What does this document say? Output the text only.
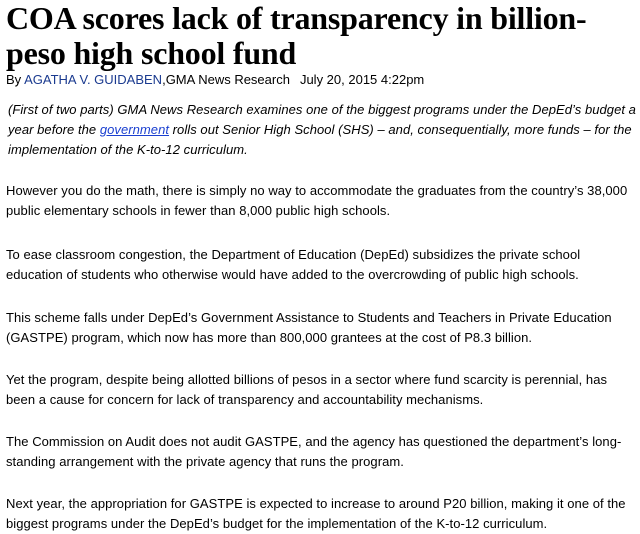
COA scores lack of transparency in billion-peso high school fund
By AGATHA V. GUIDABEN,GMA News Research July 20, 2015 4:22pm

(First of two parts) GMA News Research examines one of the biggest programs under the DepEd’s budget a year before the government rolls out Senior High School (SHS) – and, consequentially, more funds – for the implementation of the K-to-12 curriculum.

However you do the math, there is simply no way to accommodate the graduates from the country’s 38,000 public elementary schools in fewer than 8,000 public high schools.

To ease classroom congestion, the Department of Education (DepEd) subsidizes the private school education of students who otherwise would have added to the overcrowding of public high schools.

This scheme falls under DepEd’s Government Assistance to Students and Teachers in Private Education (GASTPE) program, which now has more than 800,000 grantees at the cost of P8.3 billion.

Yet the program, despite being allotted billions of pesos in a sector where fund scarcity is perennial, has been a cause for concern for lack of transparency and accountability mechanisms.

The Commission on Audit does not audit GASTPE, and the agency has questioned the department’s long-standing arrangement with the private agency that runs the program.

Next year, the appropriation for GASTPE is expected to increase to around P20 billion, making it one of the biggest programs under the DepEd’s budget for the implementation of the K-to-12 curriculum.
